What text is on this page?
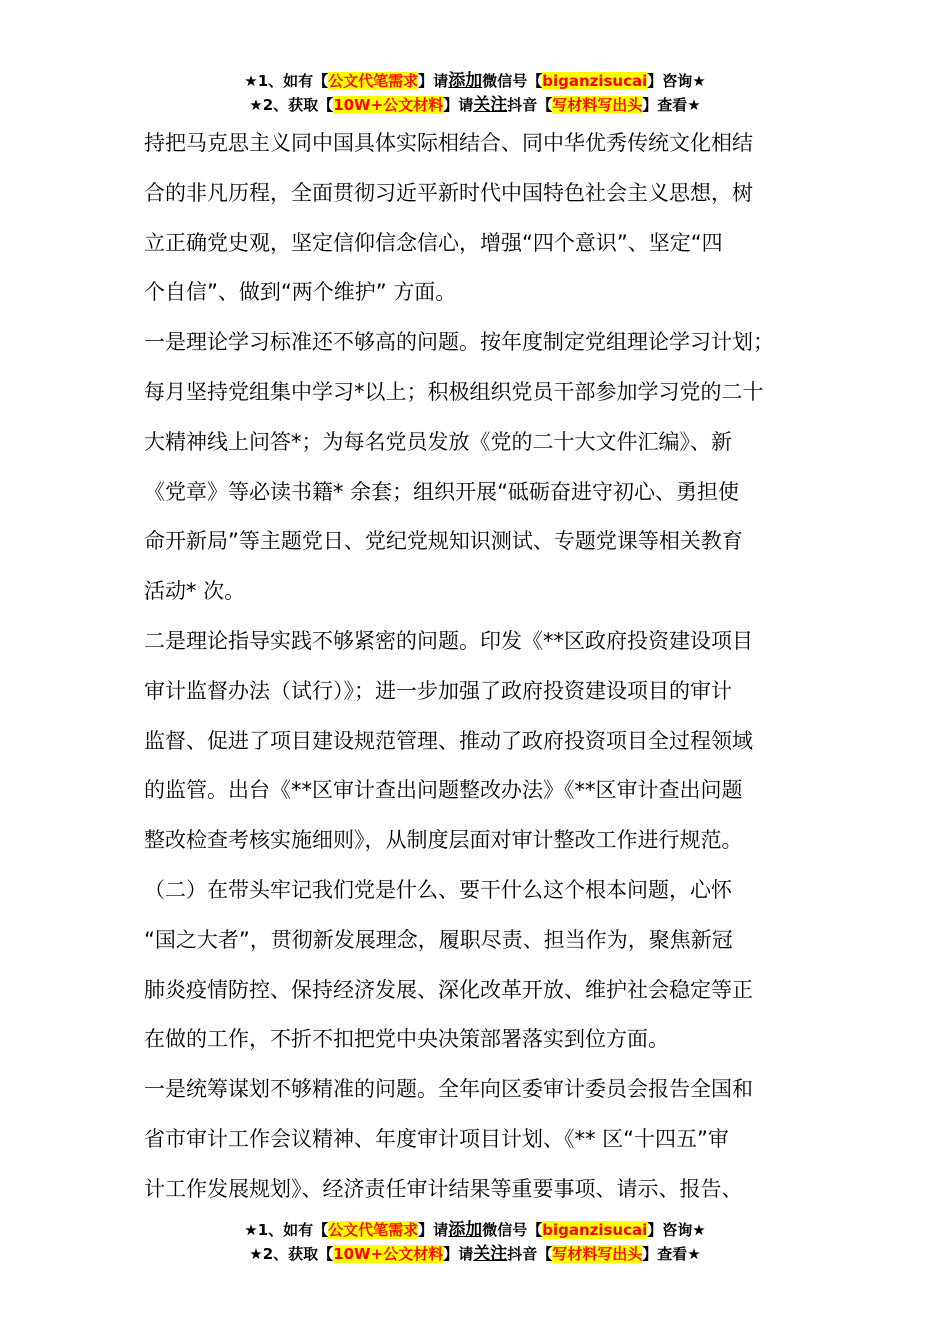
★1、如有【公文代笔需求】请添加微信号【biganzisucai】咨询★
★2、获取【10W+公文材料】请关注抖音【写材料写出头】查看★
持把马克思主义同中国具体实际相结合、同中华优秀传统文化相结
合的非凡历程，全面贯彻习近平新时代中国特色社会主义思想，树
立正确党史观，坚定信仰信念信心，增强“四个意识”、坚定“四
个自信”、做到“两个维护” 方面。
一是理论学习标准还不够高的问题。按年度制定党组理论学习计划；
每月坚持党组集中学习*以上；积极组织党员干部参加学习党的二十
大精神线上问答*；为每名党员发放《党的二十大文件汇编》、新
《党章》等必读书籍* 余套；组织开展“砥砺奋进守初心、勇担使
命开新局”等主题党日、党纪党规知识测试、专题党课等相关教育
活动* 次。
二是理论指导实践不够紧密的问题。印发《**区政府投资建设项目
审计监督办法（试行）》；进一步加强了政府投资建设项目的审计
监督、促进了项目建设规范管理、推动了政府投资项目全过程领域
的监管。出台《**区审计查出问题整改办法》《**区审计查出问题
整改检查考核实施细则》，从制度层面对审计整改工作进行规范。
（二）在带头牢记我们党是什么、要干什么这个根本问题，心怀
“国之大者”，贯彻新发展理念，履职尽责、担当作为，聚焦新冠
肺炎疫情防控、保持经济发展、深化改革开放、维护社会稳定等正
在做的工作，不折不扣把党中央决策部署落实到位方面。
一是统筹谋划不够精准的问题。全年向区委审计委员会报告全国和
省市审计工作会议精神、年度审计项目计划、《** 区“十四五”审
计工作发展规划》、经济责任审计结果等重要事项、请示、报告、
★1、如有【公文代笔需求】请添加微信号【biganzisucai】咨询★
★2、获取【10W+公文材料】请关注抖音【写材料写出头】查看★
